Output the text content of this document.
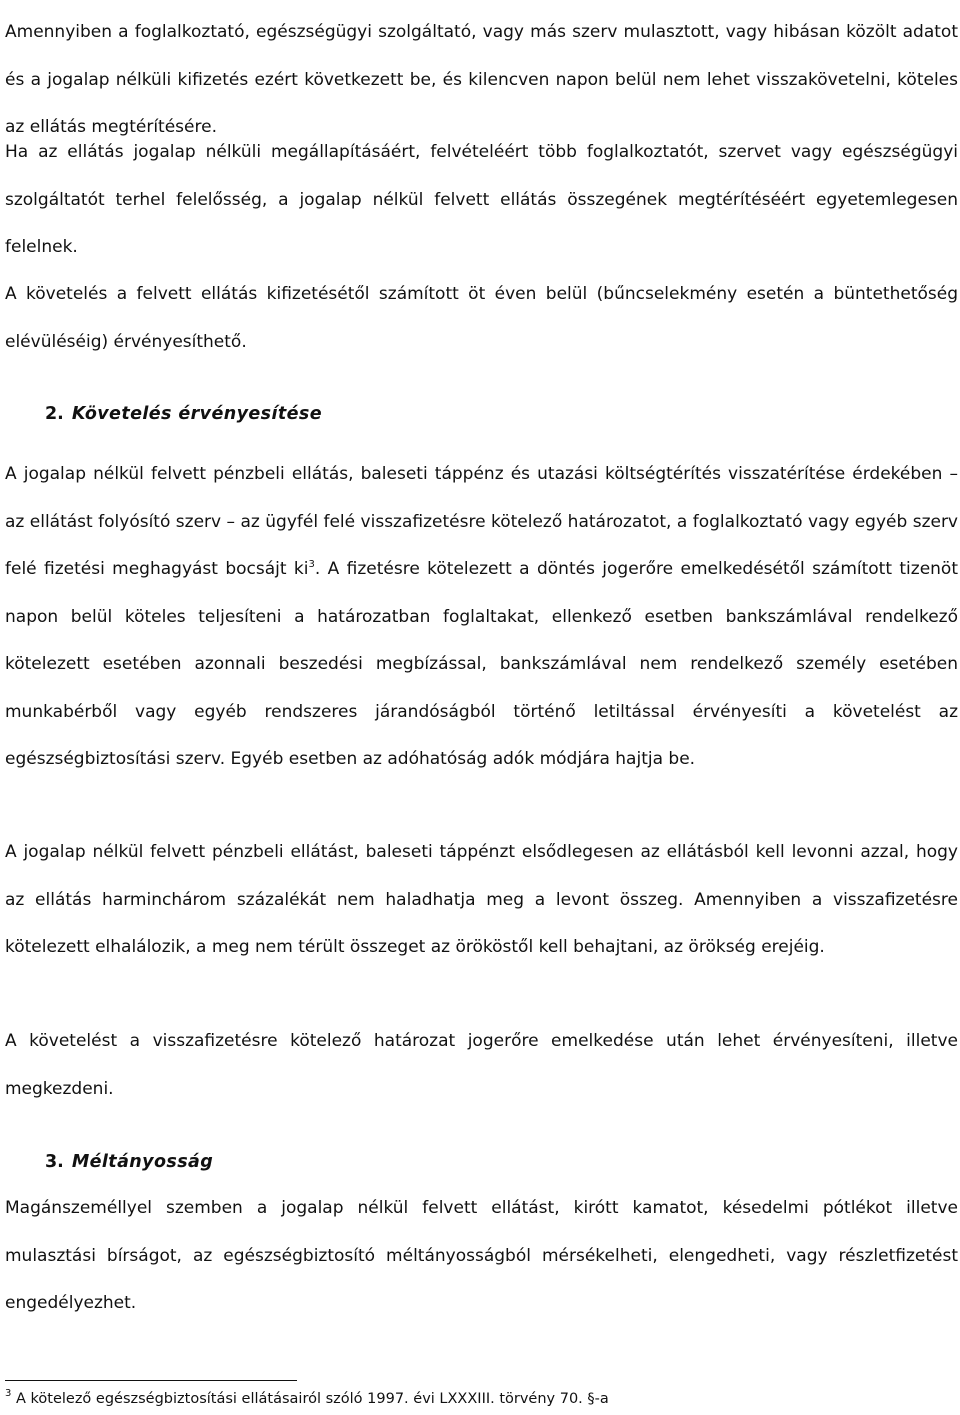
Amennyiben a foglalkoztató, egészségügyi szolgáltató, vagy más szerv mulasztott, vagy hibásan közölt adatot és a jogalap nélküli kifizetés ezért következett be, és kilencven napon belül nem lehet visszakövetelni, köteles az ellátás megtérítésére.

Ha az ellátás jogalap nélküli megállapításáért, felvételéért több foglalkoztatót, szervet vagy egészségügyi szolgáltatót terhel felelősség, a jogalap nélkül felvett ellátás összegének megtérítéséért egyetemlegesen felelnek.

A követelés a felvett ellátás kifizetésétől számított öt éven belül (bűncselekmény esetén a büntethetőség elévüléséig) érvényesíthető.

2. Követelés érvényesítése

A jogalap nélkül felvett pénzbeli ellátás, baleseti táppénz és utazási költségtérítés visszatérítése érdekében – az ellátást folyósító szerv – az ügyfél felé visszafizetésre kötelező határozatot, a foglalkoztató vagy egyéb szerv felé fizetési meghagyást bocsájt $ki^3$. A fizetésre kötelezett a döntés jogerőre emelkedésétől számított tizenöt napon belül köteles teljesíteni a határozatban foglaltakat, ellenkező esetben bankszámlával rendelkező kötelezett esetében azonnali beszedési megbízással, bankszámlával nem rendelkező személy esetében munkabérből vagy egyéb rendszeres járandóságból történő letiltással érvényesíti a követelést az egészségbiztosítási szerv. Egyéb esetben az adóhatóság adók módjára hajtja be.

A jogalap nélkül felvett pénzbeli ellátást, baleseti táppénzt elsődlegesen az ellátásból kell levonni azzal, hogy az ellátás harminchárom százalékát nem haladhatja meg a levont összeg. Amennyiben a visszafizetésre kötelezett elhalálozik, a meg nem térült összeget az örököstől kell behajtani, az örökség erejéig.

A követelést a visszafizetésre kötelező határozat jogerőre emelkedése után lehet érvényesíteni, illetve megkezdeni.

3. Méltányosság

Magánszeméllyel szemben a jogalap nélkül felvett ellátást, kirótt kamatot, késedelmi pótlékot illetve mulasztási bírságot, az egészségbiztosító méltányosságból mérsékelheti, elengedheti, vagy részletfizetést engedélyezhet.

$^3$ A kötelező egészségbiztosítási ellátásairól szóló 1997. évi LXXXIII. törvény 70. §-a
